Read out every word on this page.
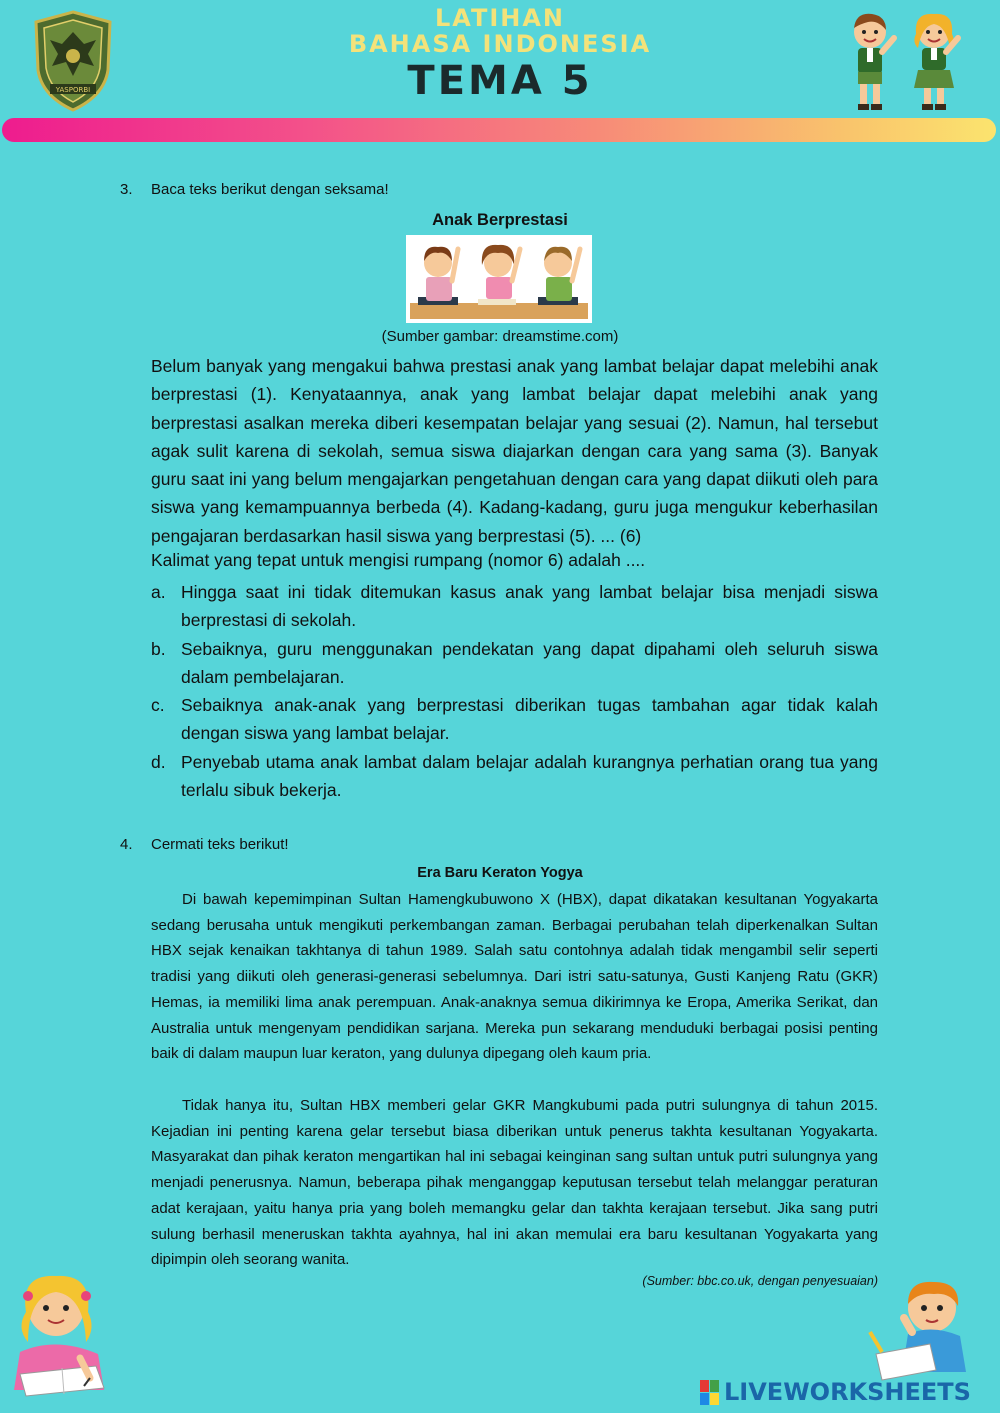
YASPORBI
LATIHAN
BAHASA INDONESIA
TEMA 5
3. Baca teks berikut dengan seksama!
Anak Berprestasi
(Sumber gambar: dreamstime.com)
Belum banyak yang mengakui bahwa prestasi anak yang lambat belajar dapat melebihi anak berprestasi (1). Kenyataannya, anak yang lambat belajar dapat melebihi anak yang berprestasi asalkan mereka diberi kesempatan belajar yang sesuai (2). Namun, hal tersebut agak sulit karena di sekolah, semua siswa diajarkan dengan cara yang sama (3). Banyak guru saat ini yang belum mengajarkan pengetahuan dengan cara yang dapat diikuti oleh para siswa yang kemampuannya berbeda (4). Kadang-kadang, guru juga mengukur keberhasilan pengajaran berdasarkan hasil siswa yang berprestasi (5). ... (6)
Kalimat yang tepat untuk mengisi rumpang (nomor 6) adalah ....
a. Hingga saat ini tidak ditemukan kasus anak yang lambat belajar bisa menjadi siswa berprestasi di sekolah.
b. Sebaiknya, guru menggunakan pendekatan yang dapat dipahami oleh seluruh siswa dalam pembelajaran.
c. Sebaiknya anak-anak yang berprestasi diberikan tugas tambahan agar tidak kalah dengan siswa yang lambat belajar.
d. Penyebab utama anak lambat dalam belajar adalah kurangnya perhatian orang tua yang terlalu sibuk bekerja.
4. Cermati teks berikut!
Era Baru Keraton Yogya

Di bawah kepemimpinan Sultan Hamengkubuwono X (HBX), dapat dikatakan kesultanan Yogyakarta sedang berusaha untuk mengikuti perkembangan zaman. Berbagai perubahan telah diperkenalkan Sultan HBX sejak kenaikan takhtanya di tahun 1989. Salah satu contohnya adalah tidak mengambil selir seperti tradisi yang diikuti oleh generasi-generasi sebelumnya. Dari istri satu-satunya, Gusti Kanjeng Ratu (GKR) Hemas, ia memiliki lima anak perempuan. Anak-anaknya semua dikirimnya ke Eropa, Amerika Serikat, dan Australia untuk mengenyam pendidikan sarjana. Mereka pun sekarang menduduki berbagai posisi penting baik di dalam maupun luar keraton, yang dulunya dipegang oleh kaum pria.

Tidak hanya itu, Sultan HBX memberi gelar GKR Mangkubumi pada putri sulungnya di tahun 2015. Kejadian ini penting karena gelar tersebut biasa diberikan untuk penerus takhta kesultanan Yogyakarta. Masyarakat dan pihak keraton mengartikan hal ini sebagai keinginan sang sultan untuk putri sulungnya yang menjadi penerusnya. Namun, beberapa pihak menganggap keputusan tersebut telah melanggar peraturan adat kerajaan, yaitu hanya pria yang boleh memangku gelar dan takhta kerajaan tersebut. Jika sang putri sulung berhasil meneruskan takhta ayahnya, hal ini akan memulai era baru kesultanan Yogyakarta yang dipimpin oleh seorang wanita.

(Sumber: bbc.co.uk, dengan penyesuaian)
LIVEWORKSHEETS
